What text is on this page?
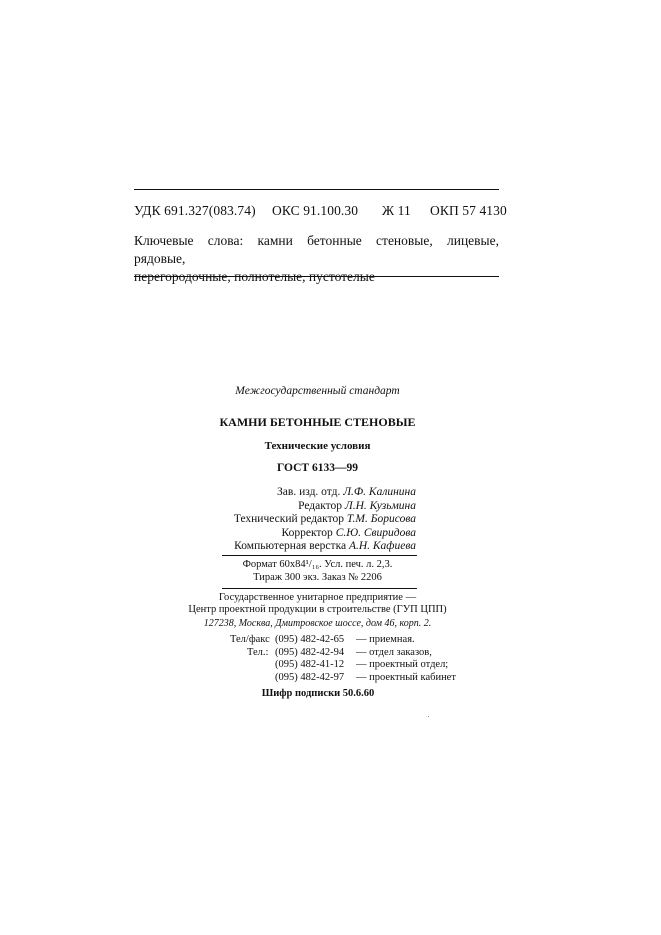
УДК 691.327(083.74) ОКС 91.100.30 Ж 11 ОКП 57 4130
Ключевые слова: камни бетонные стеновые, лицевые, рядовые,
перегородочные, полнотелые, пустотелые
Межгосударственный стандарт
КАМНИ БЕТОННЫЕ СТЕНОВЫЕ
Технические условия
ГОСТ 6133—99
Зав. изд. отд. Л.Ф. Калинина
Редактор Л.Н. Кузьмина
Технический редактор Т.М. Борисова
Корректор С.Ю. Свиридова
Компьютерная верстка А.Н. Кафиева
Формат 60x84¹/₁₆. Усл. печ. л. 2,3.
Тираж 300 экз. Заказ № 2206
Государственное унитарное предприятие —
Центр проектной продукции в строительстве (ГУП ЦПП)
127238, Москва, Дмитровское шоссе, дом 46, корп. 2.
Тел/факс (095) 482-42-65 — приемная.
Тел.: (095) 482-42-94 — отдел заказов,
(095) 482-41-12 — проектный отдел;
(095) 482-42-97 — проектный кабинет
Шифр подписки 50.6.60
